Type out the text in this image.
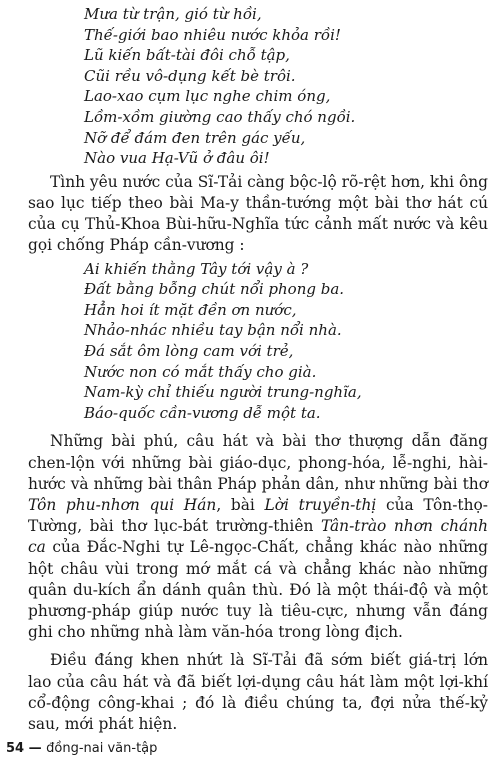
Mưa từ trận, gió từ hồi,
Thế-giới bao nhiêu nước khỏa rồi!
Lũ kiến bất-tài đôi chỗ tập,
Cũi rều vô-dụng kết bè trôi.
Lao-xao cụm lục nghe chim óng,
Lồm-xồm giường cao thấy chó ngồi.
Nỡ để đám đen trên gác yếu,
Nào vua Hạ-Vũ ở đâu ôi!

Tình yêu nước của Sĩ-Tải càng bộc-lộ rõ-rệt hơn, khi ông sao lục tiếp theo bài Ma-y thần-tướng một bài thơ hát cú của cụ Thủ-Khoa Bùi-hữu-Nghĩa tức cảnh mất nước và kêu gọi chống Pháp cần-vương :

Ai khiến thằng Tây tới vậy à ?
Đất bằng bỗng chút nổi phong ba.
Hẳn hoi ít mặt đền ơn nước,
Nhảo-nhác nhiều tay bận nổi nhà.
Đá sắt ôm lòng cam với trẻ,
Nước non có mắt thấy cho già.
Nam-kỳ chỉ thiếu người trung-nghĩa,
Báo-quốc cần-vương dễ một ta.

Những bài phú, câu hát và bài thơ thượng dẫn đăng chen-lộn với những bài giáo-dục, phong-hóa, lễ-nghi, hài-hước và những bài thân Pháp phản dân, như những bài thơ Tôn phu-nhơn qui Hán, bài Lời truyền-thị của Tôn-thọ-Tường, bài thơ lục-bát trường-thiên Tân-trào nhơn chánh ca của Đắc-Nghi tự Lê-ngọc-Chất, chẳng khác nào những hột châu vùi trong mớ mắt cá và chẳng khác nào những quân du-kích ẩn dánh quân thù. Đó là một thái-độ và một phương-pháp giúp nước tuy là tiêu-cực, nhưng vẫn đáng ghi cho những nhà làm văn-hóa trong lòng địch.

Điều đáng khen nhứt là Sĩ-Tải đã sớm biết giá-trị lớn lao của câu hát và đã biết lợi-dụng câu hát làm một lợi-khí cổ-động công-khai ; đó là điều chúng ta, đợi nửa thế-kỷ sau, mới phát hiện.

54 — đồng-nai văn-tập
